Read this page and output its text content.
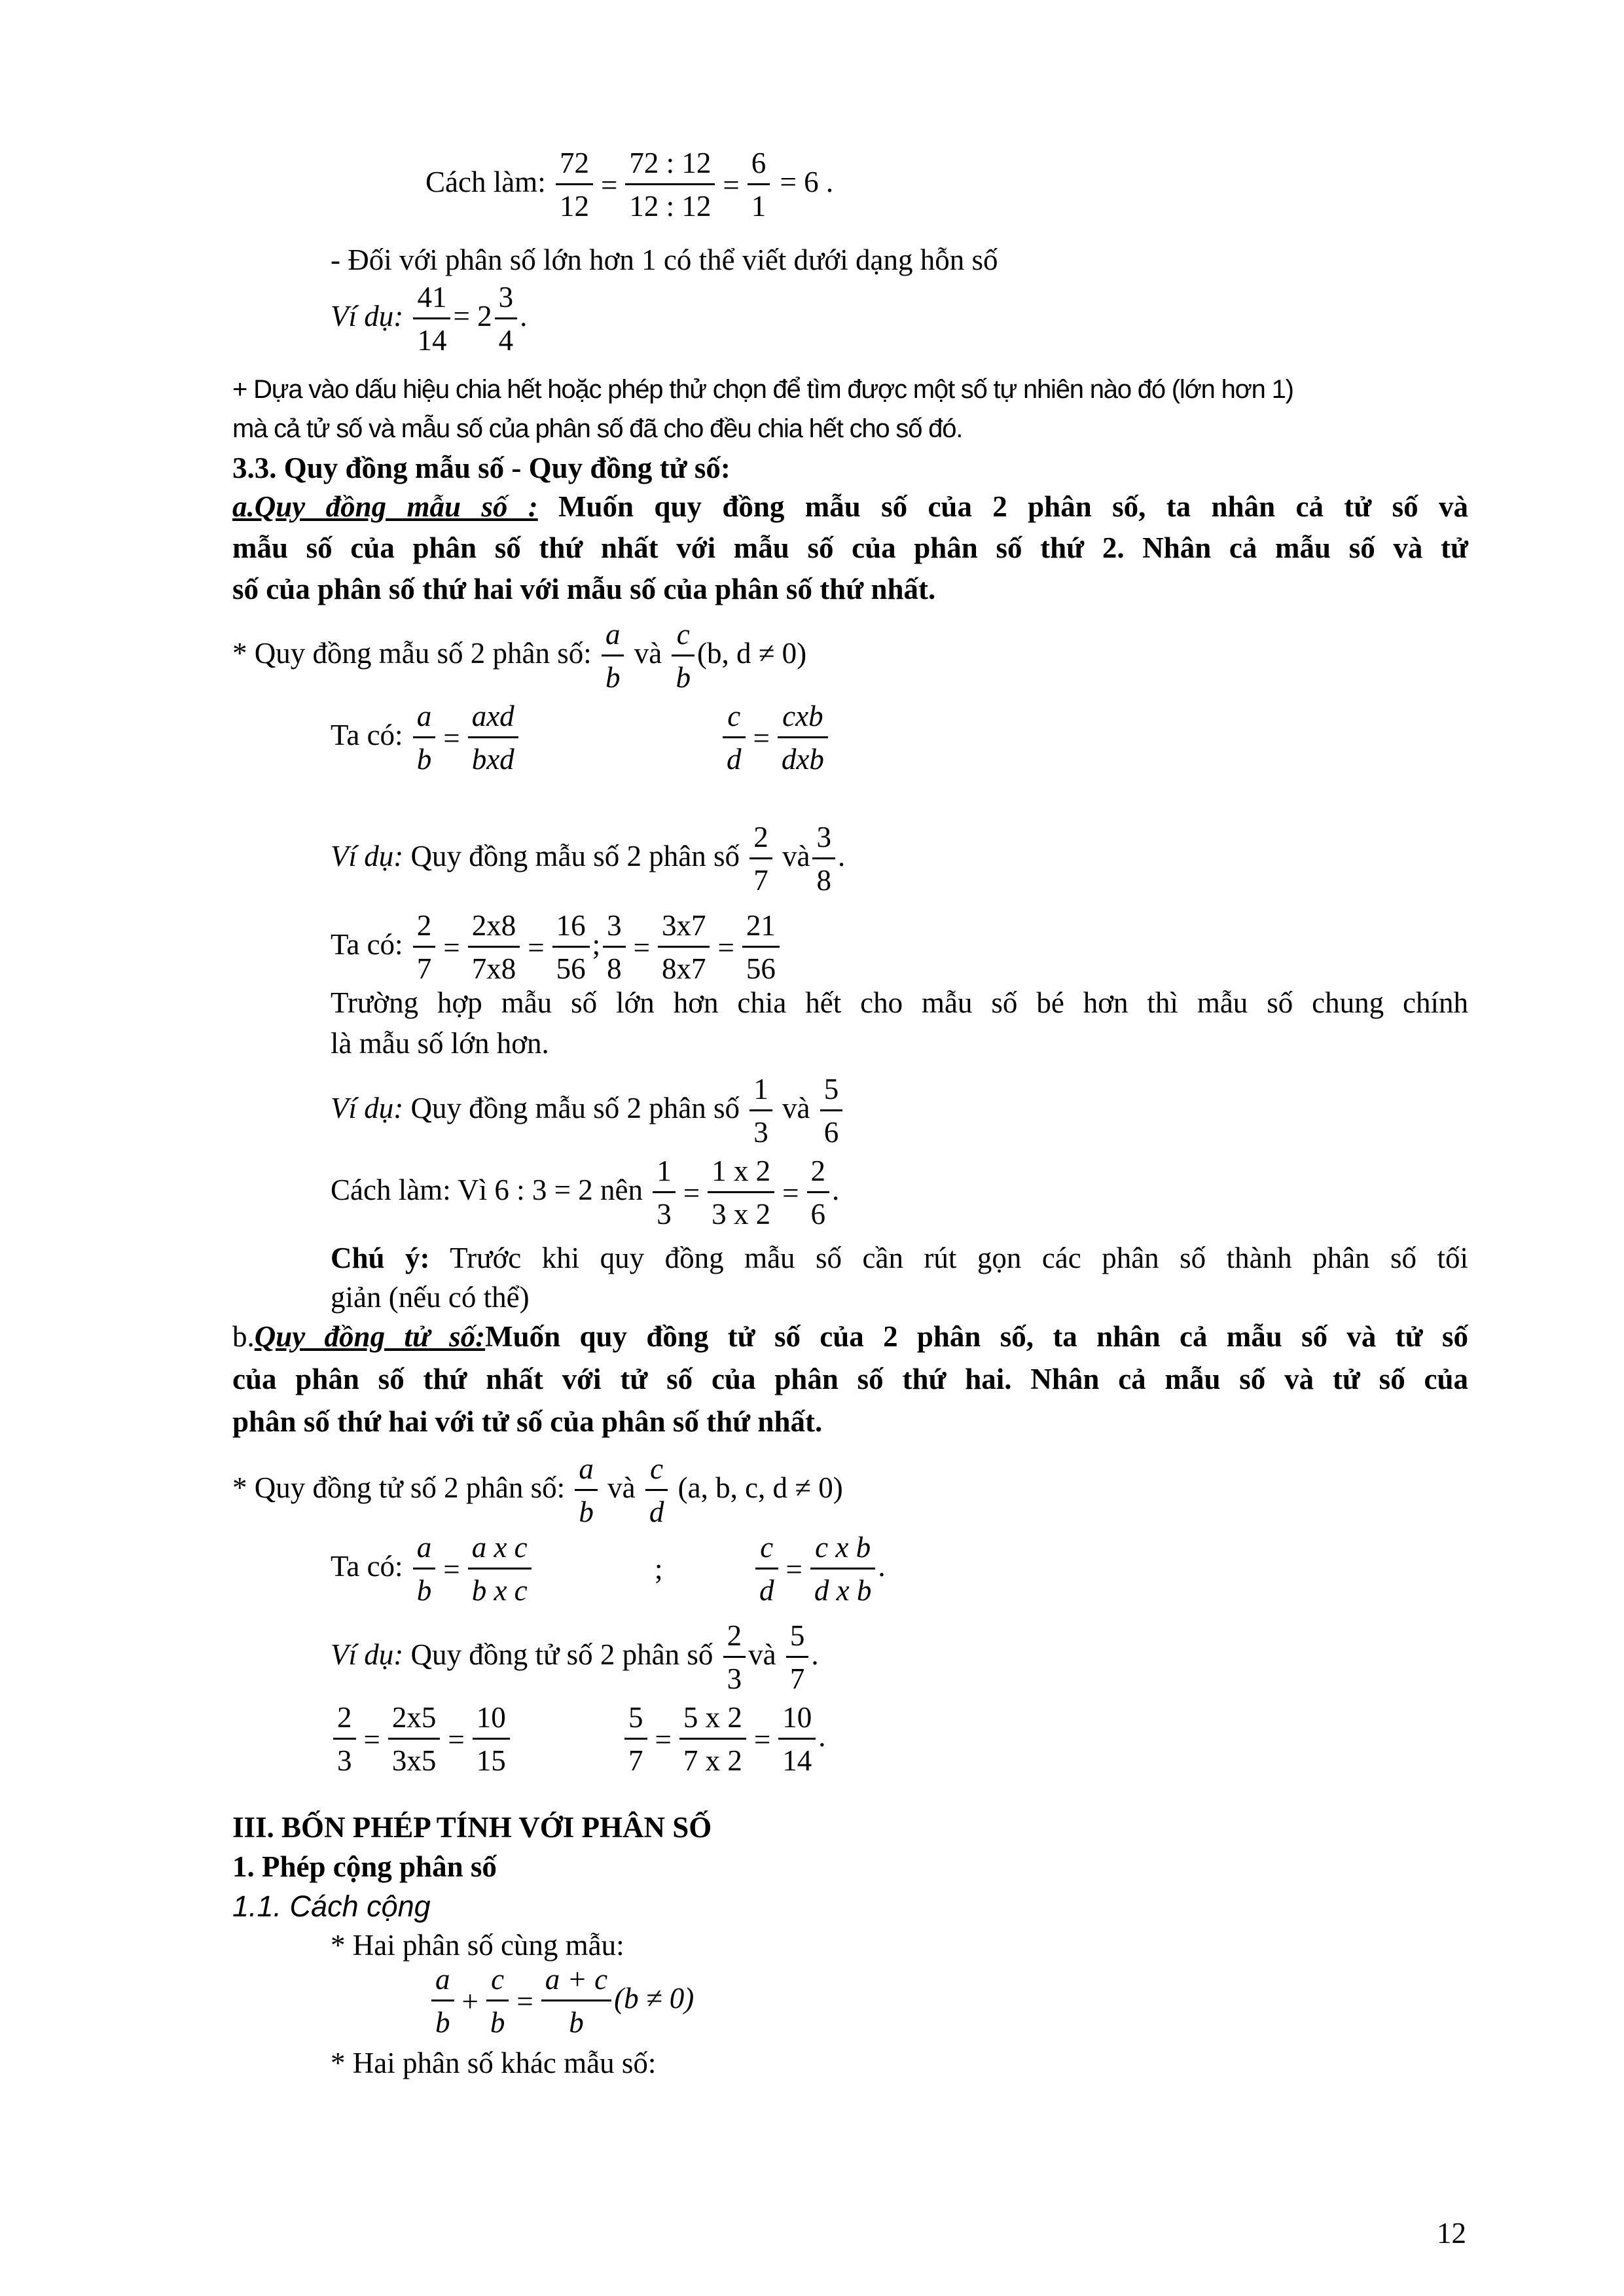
Cách làm: $\frac{72}{12} = \frac{72 : 12}{12 : 12} = \frac{6}{1} = 6$ .
- Đối với phân số lớn hơn 1 có thể viết dưới dạng hỗn số
Ví dụ: $\frac{41}{14} = 2 \frac{3}{4}$ .
+ Dựa vào dấu hiệu chia hết hoặc phép thử chọn để tìm được một số tự nhiên nào đó (lớn hơn 1)
mà cả tử số và mẫu số của phân số đã cho đều chia hết cho số đó.
3.3. Quy đồng mẫu số - Quy đồng tử số:
a.Quy đồng mẫu số : Muốn quy đồng mẫu số của 2 phân số, ta nhân cả tử số và
mẫu số của phân số thứ nhất với mẫu số của phân số thứ 2. Nhân cả mẫu số và tử
số của phân số thứ hai với mẫu số của phân số thứ nhất.
* Quy đồng mẫu số 2 phân số: $\frac{a}{b}$ và $\frac{c}{b} (b$, d ≠ 0)
Ta có: $\frac{a}{b} = \frac{\text{axd}}{\text{bxd}}$	$\frac{c}{d} = \frac{\text{cxb}}{\text{dxb}}$
Ví dụ: Quy đồng mẫu số 2 phân số $\frac{2}{7}$ và $\frac{3}{8}$ .
Ta có: $\frac{2}{7} = \frac{2x8}{7x8} = \frac{16}{56}$ ; $\frac{3}{8} = \frac{3x7}{8x7} = \frac{21}{56}$
Trường hợp mẫu số lớn hơn chia hết cho mẫu số bé hơn thì mẫu số chung chính
là mẫu số lớn hơn.
Ví dụ: Quy đồng mẫu số 2 phân số $\frac{1}{3}$ và $\frac{5}{6}$
Cách làm: Vì 6 : 3 = 2 nên $\frac{1}{3} = \frac{1 x 2}{3 x 2} = \frac{2}{6}$ .
Chú ý: Trước khi quy đồng mẫu số cần rút gọn các phân số thành phân số tối
giản (nếu có thể)
b.Quy đồng tử số:Muốn quy đồng tử số của 2 phân số, ta nhân cả mẫu số và tử số
của phân số thứ nhất với tử số của phân số thứ hai. Nhân cả mẫu số và tử số của
phân số thứ hai với tử số của phân số thứ nhất.
* Quy đồng tử số 2 phân số: $\frac{a}{b}$ và $\frac{c}{d} (a$, b, c, d ≠ 0)
Ta có: $\frac{a}{b} = \frac{\text{a x c}}{\text{b x c}}$	;	$\frac{c}{d} = \frac{\text{c x b}}{\text{d x b}}$ .
Ví dụ: Quy đồng tử số 2 phân số $\frac{2}{3}$ và $\frac{5}{7}$ .
$\frac{2}{3} = \frac{2x5}{3x5} = \frac{10}{15}$	$\frac{5}{7} = \frac{5 x 2}{7 x 2} = \frac{10}{14}$ .
III. BỐN PHÉP TÍNH VỚI PHÂN SỐ
1. Phép cộng phân số
1.1. Cách cộng
* Hai phân số cùng mẫu:
$\frac{a}{b} + \frac{c}{b} = \frac{a + c}{b} (b \ne 0)$
* Hai phân số khác mẫu số:
12
